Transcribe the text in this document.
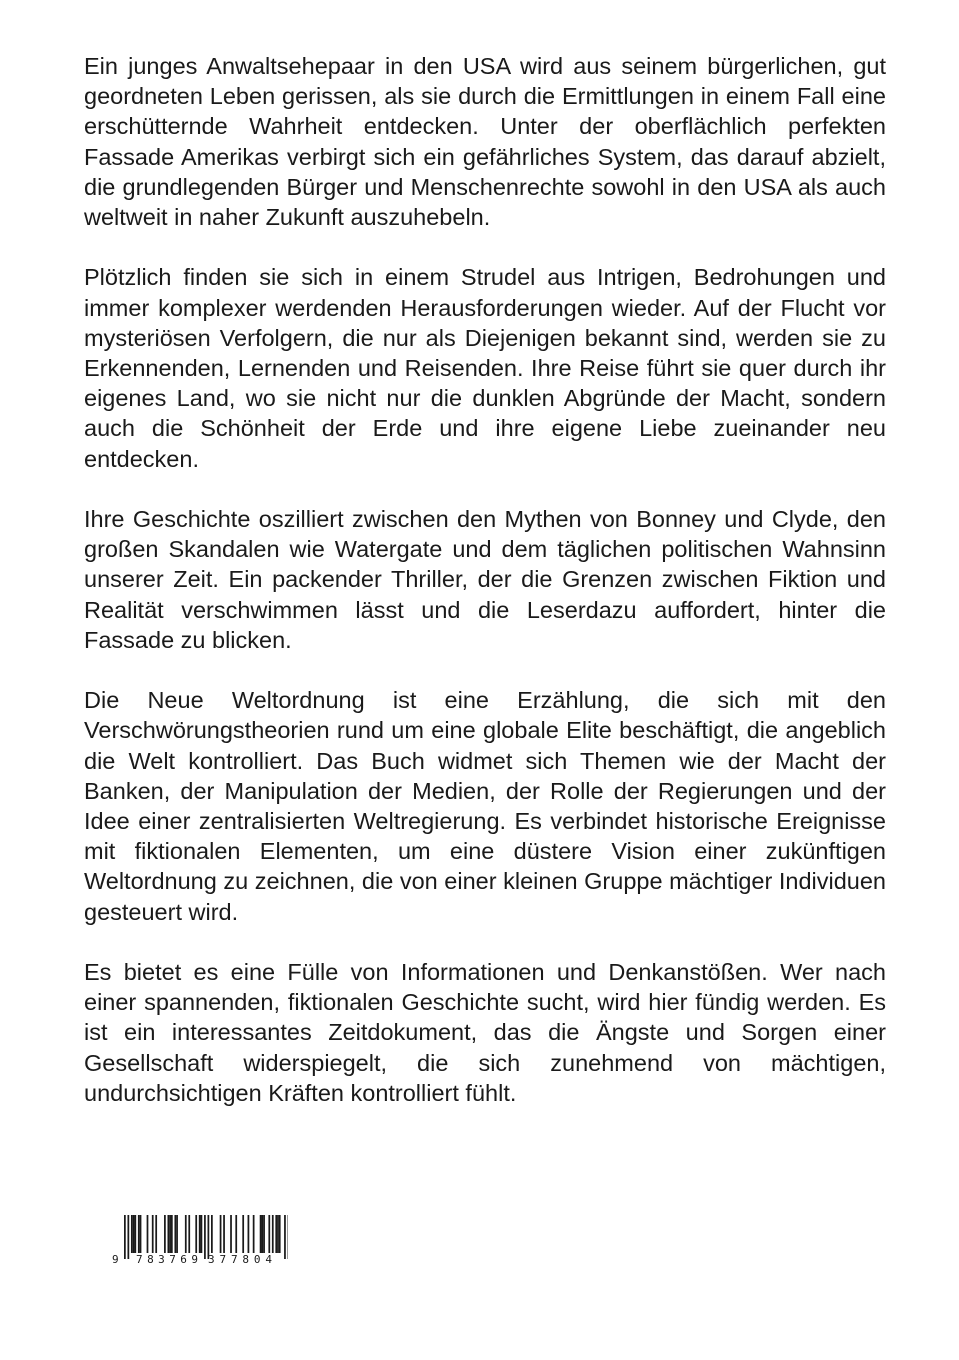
Ein junges Anwaltsehepaar in den USA wird aus seinem bürgerlichen, gut geordneten Leben gerissen, als sie durch die Ermittlungen in einem Fall eine erschütternde Wahrheit entdecken. Unter der oberflächlich perfekten Fassade Amerikas verbirgt sich ein gefährliches System, das darauf abzielt, die grundlegenden Bürger und Menschenrechte sowohl in den USA als auch weltweit in naher Zukunft auszuhebeln.

Plötzlich finden sie sich in einem Strudel aus Intrigen, Bedrohungen und immer komplexer werdenden Herausforderungen wieder. Auf der Flucht vor mysteriösen Verfolgern, die nur als Diejenigen bekannt sind, werden sie zu Erkennenden, Lernenden und Reisenden. Ihre Reise führt sie quer durch ihr eigenes Land, wo sie nicht nur die dunklen Abgründe der Macht, sondern auch die Schönheit der Erde und ihre eigene Liebe zueinander neu entdecken.

Ihre Geschichte oszilliert zwischen den Mythen von Bonney und Clyde, den großen Skandalen wie Watergate und dem täglichen politischen Wahnsinn unserer Zeit. Ein packender Thriller, der die Grenzen zwischen Fiktion und Realität verschwimmen lässt und die Leserdazu auffordert, hinter die Fassade zu blicken.

Die Neue Weltordnung ist eine Erzählung, die sich mit den Verschwörungstheorien rund um eine globale Elite beschäftigt, die angeblich die Welt kontrolliert. Das Buch widmet sich Themen wie der Macht der Banken, der Manipulation der Medien, der Rolle der Regierungen und der Idee einer zentralisierten Weltregierung. Es verbindet historische Ereignisse mit fiktionalen Elementen, um eine düstere Vision einer zukünftigen Weltordnung zu zeichnen, die von einer kleinen Gruppe mächtiger Individuen gesteuert wird.

Es bietet es eine Fülle von Informationen und Denkanstößen. Wer nach einer spannenden, fiktionalen Geschichte sucht, wird hier fündig werden. Es ist ein interessantes Zeitdokument, das die Ängste und Sorgen einer Gesellschaft widerspiegelt, die sich zunehmend von mächtigen, undurchsichtigen Kräften kontrolliert fühlt.

9 783769 377804
